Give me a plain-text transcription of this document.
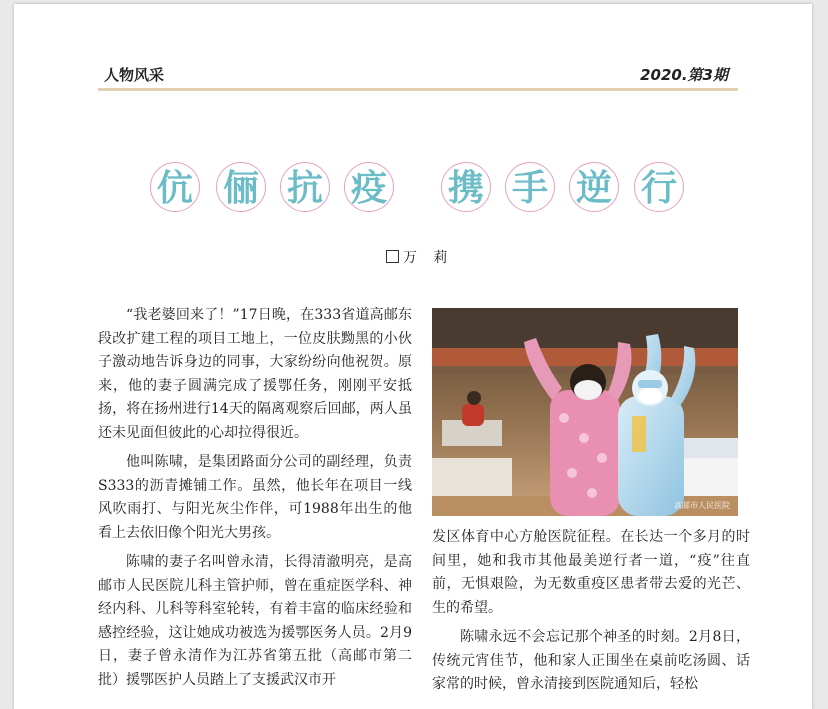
人物风采	2020.第3期
伉 俪 抗 疫 携 手 逆 行
万 莉

“我老婆回来了！”17日晚，在333省道高邮东段改扩建工程的项目工地上，一位皮肤黝黑的小伙子激动地告诉身边的同事，大家纷纷向他祝贺。原来，他的妻子圆满完成了援鄂任务，刚刚平安抵扬，将在扬州进行14天的隔离观察后回邮，两人虽还未见面但彼此的心却拉得很近。

他叫陈啸，是集团路面分公司的副经理，负责S333的沥青摊铺工作。虽然，他长年在项目一线风吹雨打、与阳光灰尘作伴，可1988年出生的他看上去依旧像个阳光大男孩。

陈啸的妻子名叫曾永清，长得清澈明亮，是高邮市人民医院儿科主管护师，曾在重症医学科、神经内科、儿科等科室轮转，有着丰富的临床经验和感控经验，这让她成功被选为援鄂医务人员。2月9日，妻子曾永清作为江苏省第五批（高邮市第二批）援鄂医护人员踏上了支援武汉市开

高邮市人民医院

发区体育中心方舱医院征程。在长达一个多月的时间里，她和我市其他最美逆行者一道，“疫”往直前，无惧艰险，为无数重疫区患者带去爱的光芒、生的希望。

陈啸永远不会忘记那个神圣的时刻。2月8日，传统元宵佳节，他和家人正围坐在桌前吃汤圆、话家常的时候，曾永清接到医院通知后，轻松
